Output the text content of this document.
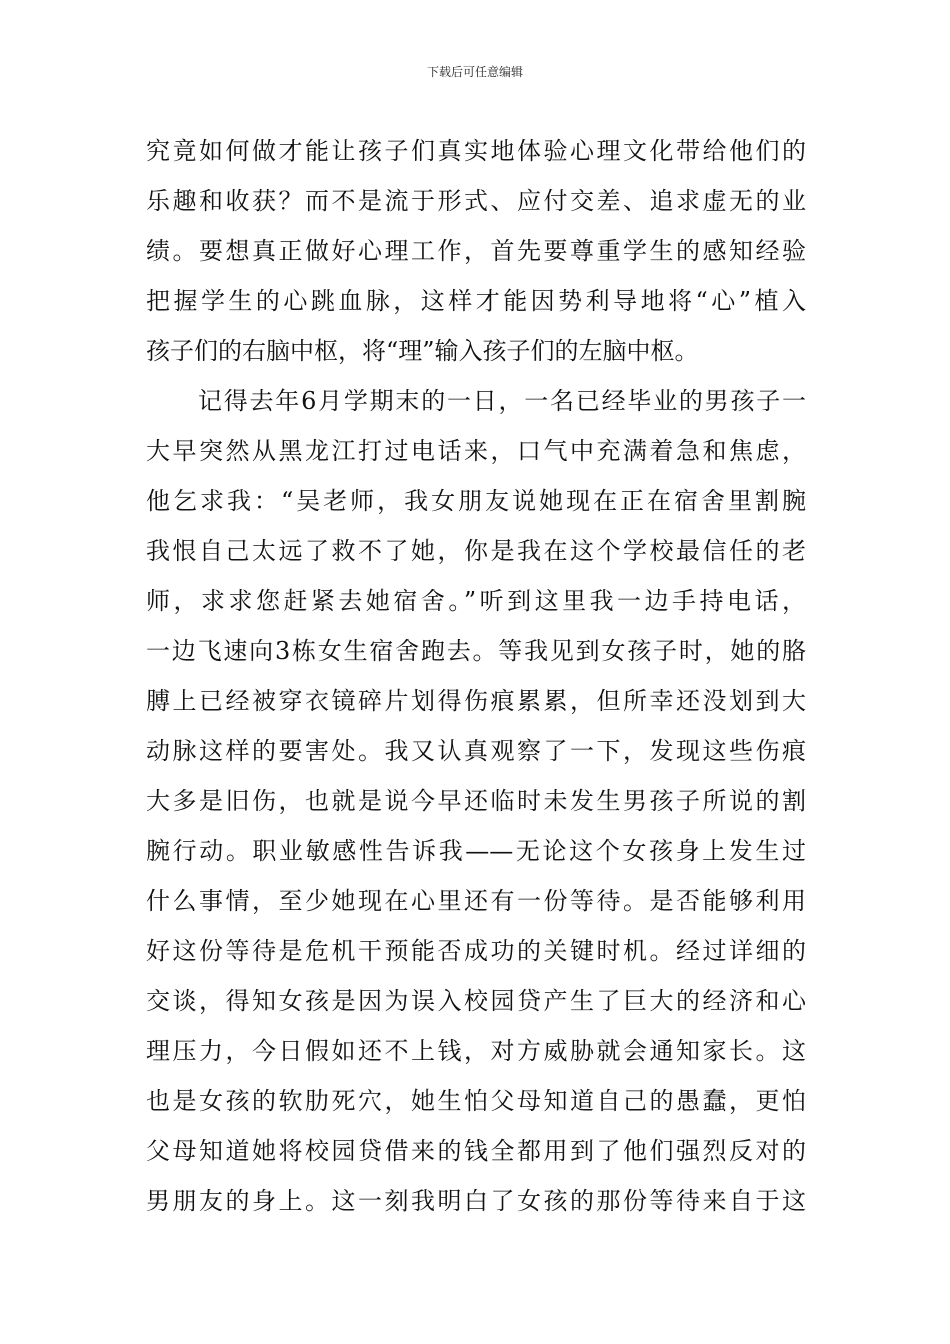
下载后可任意编辑
究竟如何做才能让孩子们真实地体验心理文化带给他们的
乐趣和收获？而不是流于形式、应付交差、追求虚无的业
绩。要想真正做好心理工作，首先要尊重学生的感知经验
把握学生的心跳血脉，这样才能因势利导地将“心”植入
孩子们的右脑中枢，将“理”输入孩子们的左脑中枢。
记得去年6月学期末的一日，一名已经毕业的男孩子一
大早突然从黑龙江打过电话来，口气中充满着急和焦虑，
他乞求我：“吴老师，我女朋友说她现在正在宿舍里割腕
我恨自己太远了救不了她，你是我在这个学校最信任的老
师，求求您赶紧去她宿舍。”听到这里我一边手持电话，
一边飞速向3栋女生宿舍跑去。等我见到女孩子时，她的胳
膊上已经被穿衣镜碎片划得伤痕累累，但所幸还没划到大
动脉这样的要害处。我又认真观察了一下，发现这些伤痕
大多是旧伤，也就是说今早还临时未发生男孩子所说的割
腕行动。职业敏感性告诉我——无论这个女孩身上发生过
什么事情，至少她现在心里还有一份等待。是否能够利用
好这份等待是危机干预能否成功的关键时机。经过详细的
交谈，得知女孩是因为误入校园贷产生了巨大的经济和心
理压力，今日假如还不上钱，对方威胁就会通知家长。这
也是女孩的软肋死穴，她生怕父母知道自己的愚蠢，更怕
父母知道她将校园贷借来的钱全都用到了他们强烈反对的
男朋友的身上。这一刻我明白了女孩的那份等待来自于这
